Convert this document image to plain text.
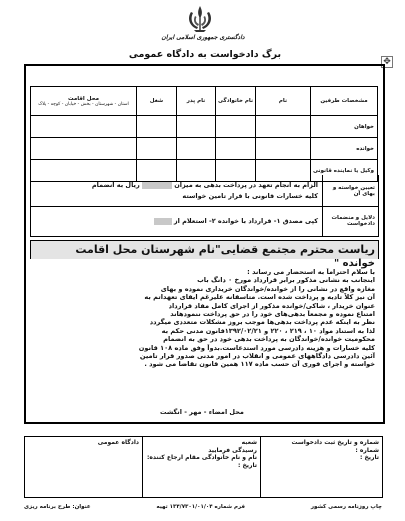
دادگستری جمهوری اسلامی ایران
برگ دادخواست به دادگاه عمومی
✥
محل اقامت
استان - شهرستان - بخش - خیابان - کوچه - پلاک	شغل	نام پدر	نام خانوادگی	نام	مشخصات طرفین
					خواهان
					خوانده
					وکیل یا نماینده قانونی
تعیین خواسته و بهای آن
الزام به انجام تعهد در پرداخت بدهی به میزان  ریال به انضمام
کلیه خسارات قانونی با قرار تامین خواسته
دلایل و منضمات دادخواست
کپی مصدق ۱- قرارداد با خوانده ۲- استعلام از
ریاست محترم مجتمع قضایی"نام شهرستان محل اقامت
خوانده "
با سلام احتراماً به استحضار می رساند :
اینجانب به نشانی مذکور برابر قرارداد مورخ ۰ دانگ باب
مغازه واقع در نشانی را از خوانده/خواندگان خریداری نموده و بهای
آن نیز کلاً تادیه و پرداخت شده است. متاسفانه علیرغم ایفای تعهدا‌تم به
عنوان خریدار ، شاکی/خوانده مذکور از اجرای کامل مفاد قرارداد
امتناع نموده و مجمعاً بدهی‌های خود را در حق پرداخت ننمودهاند
نظر به اینکه عدم پرداخت بدهی‌ها موجب بروز مشکلات متعددی میگردد
لذا به استناد مواد ۱۰ ، ۲۱۹ ، ۲۲۰ و ۱۳۹۲/۰۲/۲۱قانون مدنی حکم به
محکومیت خوانده/خواندگان به پرداخت بدهی خود در حق به انضمام
کلیه خسارات و هزینه دادرسی مورد استدعاست.بدواً وفق ماده ۱۰۸ قانون
آئین دادرسی دادگاههای عمومی و انقلاب در امور مدنی صدور قرار تامین
خواسته و اجرای فوری آن حسب ماده ۱۱۷ همین قانون تقاضا می شود .
محل امضاء - مهر - انگشت
دادگاه عمومی	شعبه
رسیدگی فرمایید
نام و نام خانوادگی مقام ارجاع کننده:
تاریخ :

شماره و تاریخ ثبت دادخواست
شماره :
تاریخ :
چاپ روزنامه رسمی کشور
فرم شماره ۱۳۴/۷۳۰۱/۰۱/۰۴ تهیه
عنوان: طرح برنامه ریزی
